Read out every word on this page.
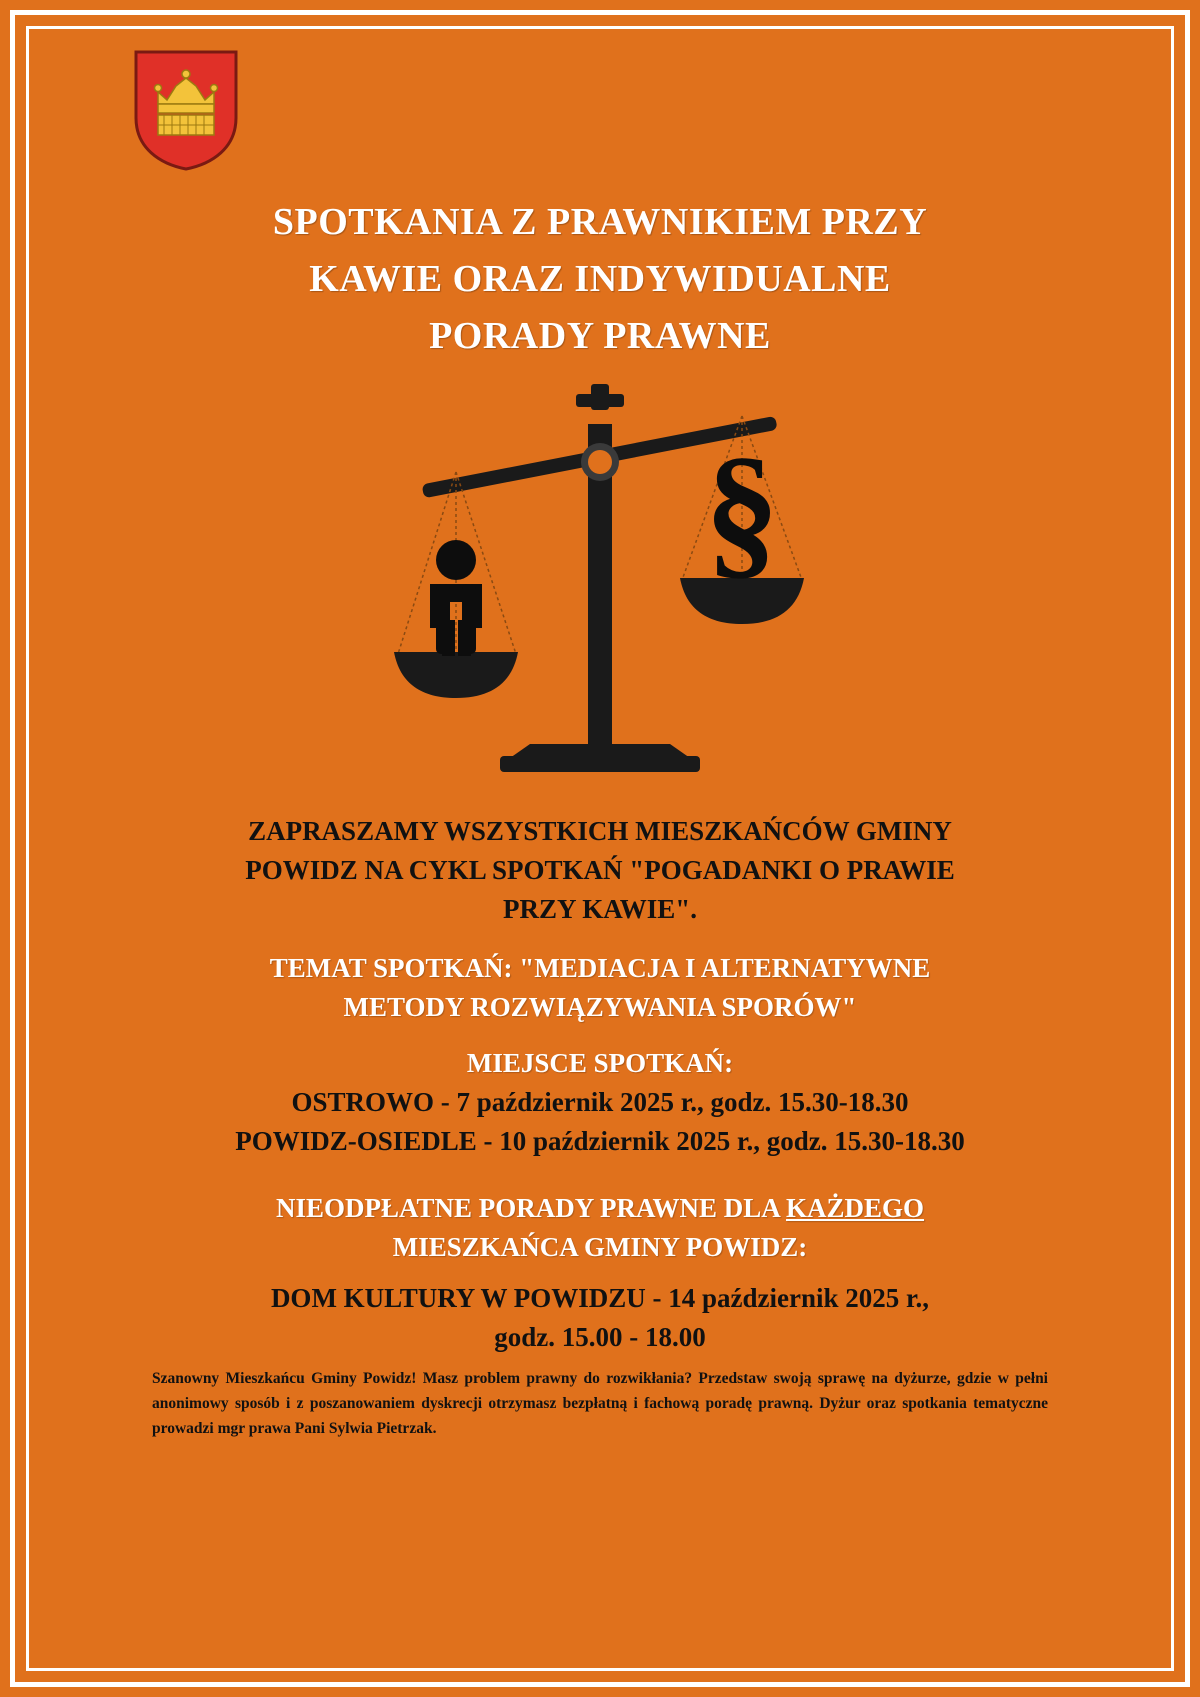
SPOTKANIA Z PRAWNIKIEM PRZY
KAWIE ORAZ INDYWIDUALNE
PORADY PRAWNE
§
ZAPRASZAMY WSZYSTKICH MIESZKAŃCÓW GMINY
POWIDZ NA CYKL SPOTKAŃ "POGADANKI O PRAWIE
PRZY KAWIE".
TEMAT SPOTKAŃ: "MEDIACJA I ALTERNATYWNE
METODY ROZWIĄZYWANIA SPORÓW"
MIEJSCE SPOTKAŃ:
OSTROWO - 7 październik 2025 r., godz. 15.30-18.30
POWIDZ-OSIEDLE - 10 październik 2025 r., godz. 15.30-18.30
NIEODPŁATNE PORADY PRAWNE DLA KAŻDEGO
MIESZKAŃCA GMINY POWIDZ:
DOM KULTURY W POWIDZU - 14 październik 2025 r.,
godz. 15.00 - 18.00
Szanowny Mieszkańcu Gminy Powidz! Masz problem prawny do rozwikłania? Przedstaw swoją sprawę na dyżurze, gdzie w pełni anonimowy sposób i z poszanowaniem dyskrecji otrzymasz bezpłatną i fachową poradę prawną. Dyżur oraz spotkania tematyczne prowadzi mgr prawa Pani Sylwia Pietrzak.
